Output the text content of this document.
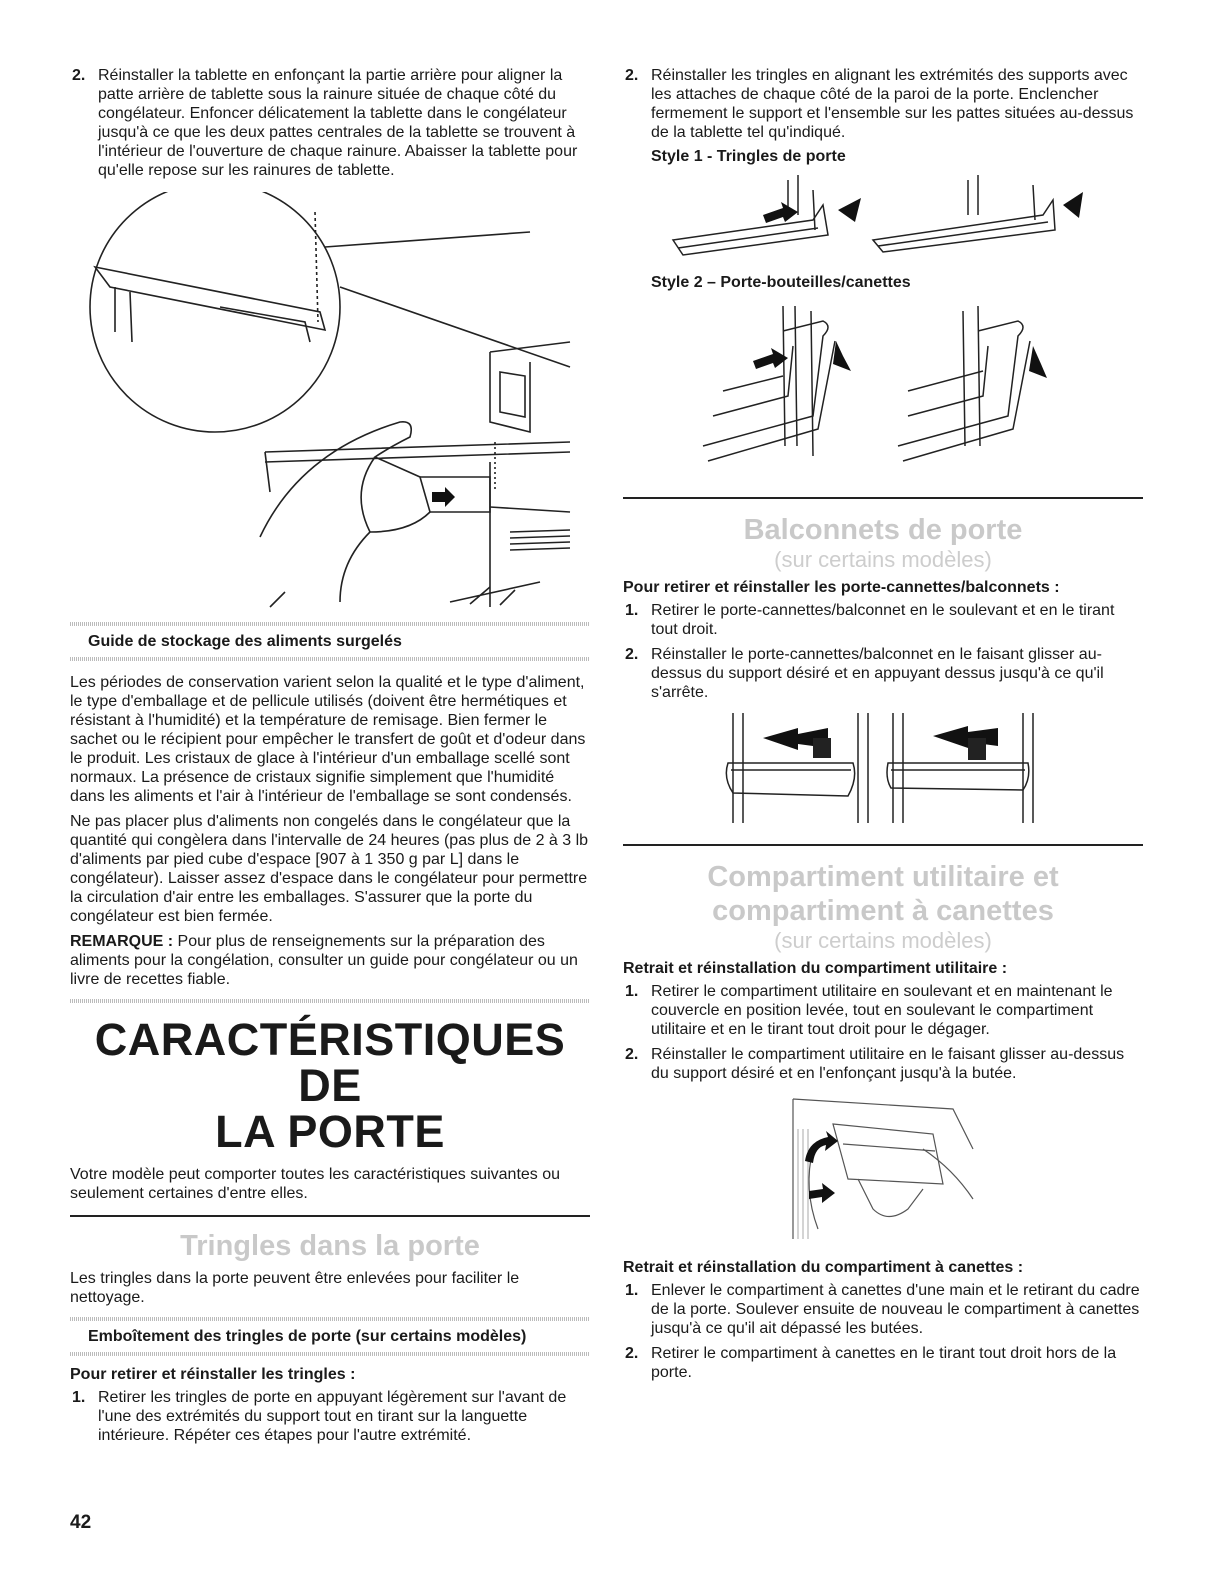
2. Réinstaller la tablette en enfonçant la partie arrière pour aligner la patte arrière de tablette sous la rainure située de chaque côté du congélateur. Enfoncer délicatement la tablette dans le congélateur jusqu'à ce que les deux pattes centrales de la tablette se trouvent à l'intérieur de l'ouverture de chaque rainure. Abaisser la tablette pour qu'elle repose sur les rainures de tablette.
Guide de stockage des aliments surgelés

Les périodes de conservation varient selon la qualité et le type d'aliment, le type d'emballage et de pellicule utilisés (doivent être hermétiques et résistant à l'humidité) et la température de remisage. Bien fermer le sachet ou le récipient pour empêcher le transfert de goût et d'odeur dans le produit. Les cristaux de glace à l'intérieur d'un emballage scellé sont normaux. La présence de cristaux signifie simplement que l'humidité dans les aliments et l'air à l'intérieur de l'emballage se sont condensés.

Ne pas placer plus d'aliments non congelés dans le congélateur que la quantité qui congèlera dans l'intervalle de 24 heures (pas plus de 2 à 3 lb d'aliments par pied cube d'espace [907 à 1 350 g par L] dans le congélateur). Laisser assez d'espace dans le congélateur pour permettre la circulation d'air entre les emballages. S'assurer que la porte du congélateur est bien fermée.

REMARQUE : Pour plus de renseignements sur la préparation des aliments pour la congélation, consulter un guide pour congélateur ou un livre de recettes fiable.

CARACTÉRISTIQUES DE
LA PORTE

Votre modèle peut comporter toutes les caractéristiques suivantes ou seulement certaines d'entre elles.

Tringles dans la porte

Les tringles dans la porte peuvent être enlevées pour faciliter le nettoyage.

Emboîtement des tringles de porte (sur certains modèles)
Pour retirer et réinstaller les tringles :
1. Retirer les tringles de porte en appuyant légèrement sur l'avant de l'une des extrémités du support tout en tirant sur la languette intérieure. Répéter ces étapes pour l'autre extrémité.
2. Réinstaller les tringles en alignant les extrémités des supports avec les attaches de chaque côté de la paroi de la porte. Enclencher fermement le support et l'ensemble sur les pattes situées au-dessus de la tablette tel qu'indiqué.
Style 1 - Tringles de porte
Style 2 – Porte-bouteilles/canettes
Balconnets de porte
(sur certains modèles)
Pour retirer et réinstaller les porte-cannettes/balconnets :
1. Retirer le porte-cannettes/balconnet en le soulevant et en le tirant tout droit.
2. Réinstaller le porte-cannettes/balconnet en le faisant glisser au-dessus du support désiré et en appuyant dessus jusqu'à ce qu'il s'arrête.
Compartiment utilitaire et
compartiment à canettes
(sur certains modèles)
Retrait et réinstallation du compartiment utilitaire :
1. Retirer le compartiment utilitaire en soulevant et en maintenant le couvercle en position levée, tout en soulevant le compartiment utilitaire et en le tirant tout droit pour le dégager.
2. Réinstaller le compartiment utilitaire en le faisant glisser au-dessus du support désiré et en l'enfonçant jusqu'à la butée.
Retrait et réinstallation du compartiment à canettes :
1. Enlever le compartiment à canettes d'une main et le retirant du cadre de la porte. Soulever ensuite de nouveau le compartiment à canettes jusqu'à ce qu'il ait dépassé les butées.
2. Retirer le compartiment à canettes en le tirant tout droit hors de la porte.
42
